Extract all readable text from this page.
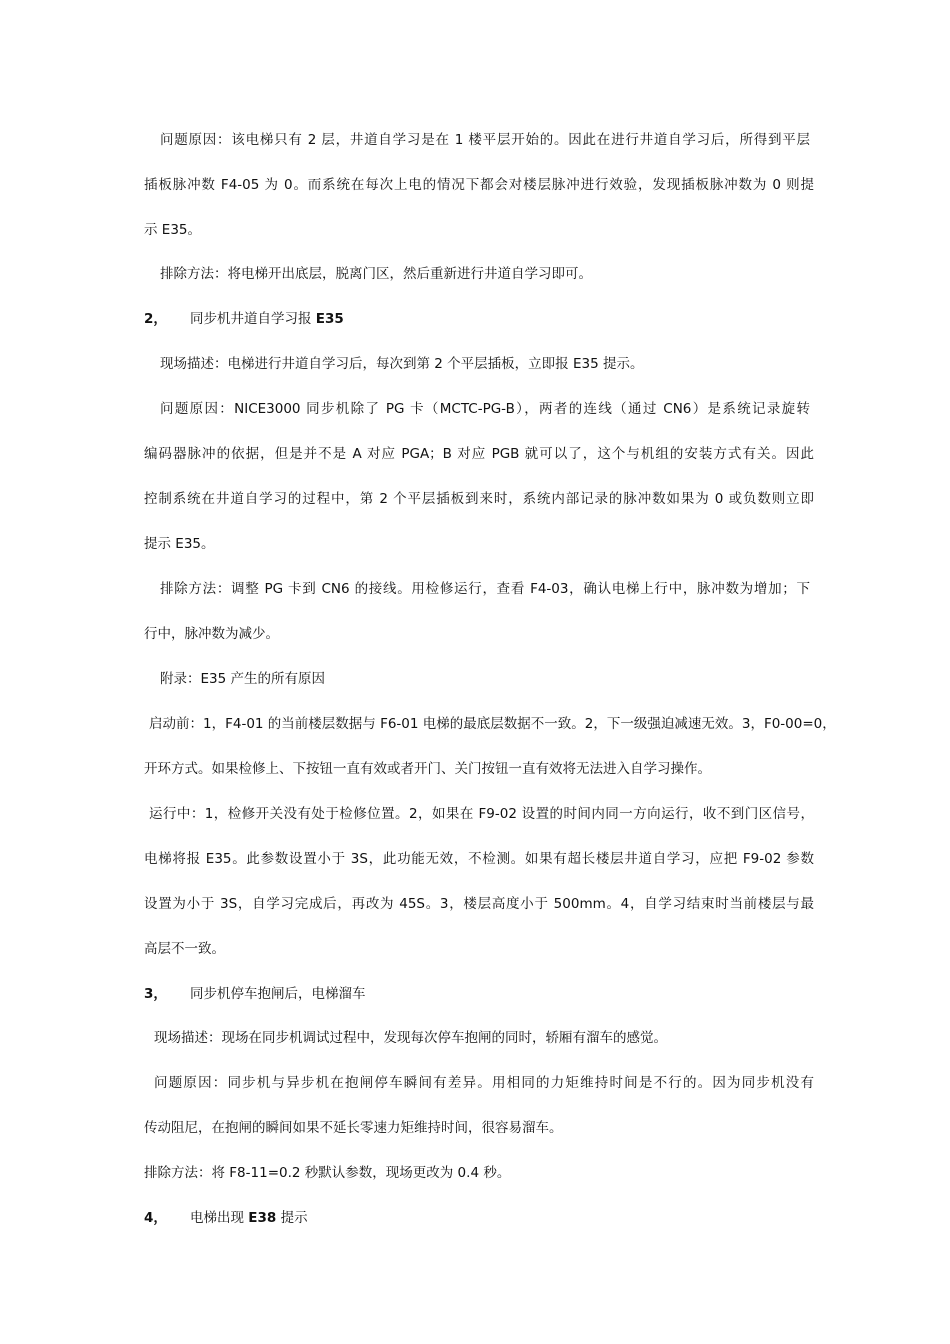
问题原因：该电梯只有 2 层，井道自学习是在 1 楼平层开始的。因此在进行井道自学习后，所得到平层
插板脉冲数 F4-05 为 0。而系统在每次上电的情况下都会对楼层脉冲进行效验，发现插板脉冲数为 0 则提
示 E35。
排除方法：将电梯开出底层，脱离门区，然后重新进行井道自学习即可。
2， 同步机井道自学习报 E35
现场描述：电梯进行井道自学习后，每次到第 2 个平层插板，立即报 E35 提示。
问题原因：NICE3000 同步机除了 PG 卡（MCTC-PG-B），两者的连线（通过 CN6）是系统记录旋转
编码器脉冲的依据，但是并不是 A 对应 PGA；B 对应 PGB 就可以了，这个与机组的安装方式有关。因此
控制系统在井道自学习的过程中，第 2 个平层插板到来时，系统内部记录的脉冲数如果为 0 或负数则立即
提示 E35。
排除方法：调整 PG 卡到 CN6 的接线。用检修运行，查看 F4-03，确认电梯上行中，脉冲数为增加；下
行中，脉冲数为减少。
附录：E35 产生的所有原因
启动前：1，F4-01 的当前楼层数据与 F6-01 电梯的最底层数据不一致。2，下一级强迫减速无效。3，F0-00=0，
开环方式。如果检修上、下按钮一直有效或者开门、关门按钮一直有效将无法进入自学习操作。
运行中：1，检修开关没有处于检修位置。2，如果在 F9-02 设置的时间内同一方向运行，收不到门区信号，
电梯将报 E35。此参数设置小于 3S，此功能无效，不检测。如果有超长楼层井道自学习，应把 F9-02 参数
设置为小于 3S，自学习完成后，再改为 45S。3，楼层高度小于 500mm。4，自学习结束时当前楼层与最
高层不一致。
3， 同步机停车抱闸后，电梯溜车
现场描述：现场在同步机调试过程中，发现每次停车抱闸的同时，轿厢有溜车的感觉。
问题原因：同步机与异步机在抱闸停车瞬间有差异。用相同的力矩维持时间是不行的。因为同步机没有
传动阻尼，在抱闸的瞬间如果不延长零速力矩维持时间，很容易溜车。
排除方法：将 F8-11=0.2 秒默认参数，现场更改为 0.4 秒。
4， 电梯出现 E38 提示
